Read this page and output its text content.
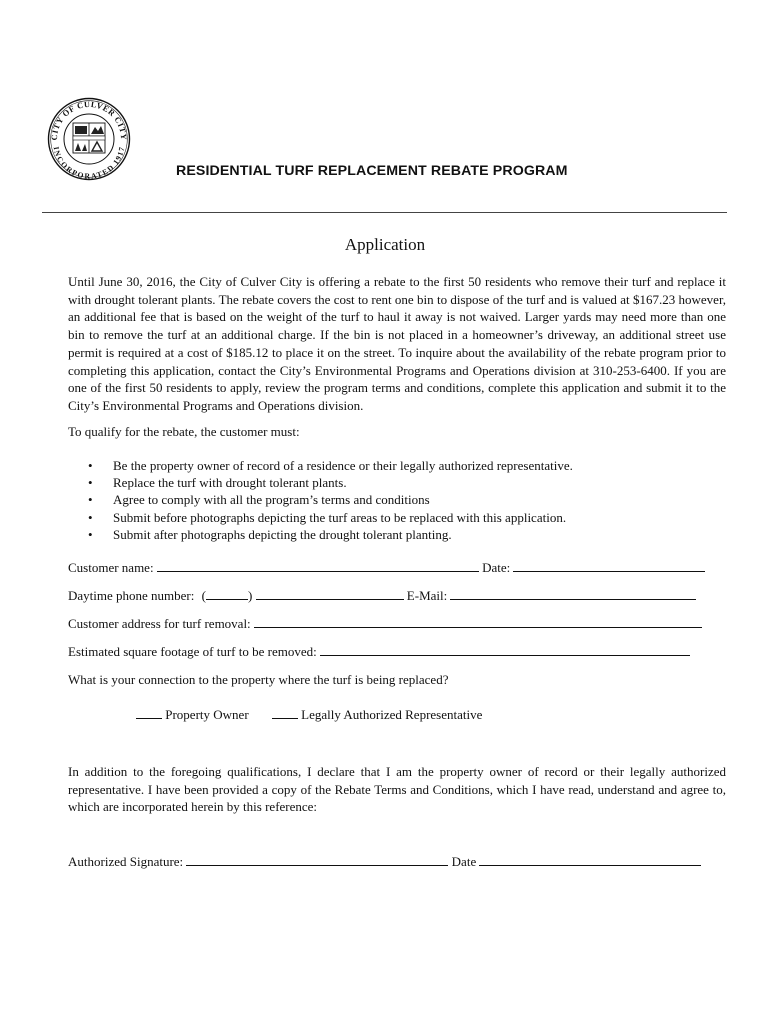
CITY OF CULVER CITY
INCORPORATED 1917
RESIDENTIAL TURF REPLACEMENT REBATE PROGRAM
Application

Until June 30, 2016, the City of Culver City is offering a rebate to the first 50 residents who remove their turf and replace it with drought tolerant plants. The rebate covers the cost to rent one bin to dispose of the turf and is valued at $167.23 however, an additional fee that is based on the weight of the turf to haul it away is not waived. Larger yards may need more than one bin to remove the turf at an additional charge. If the bin is not placed in a homeowner’s driveway, an additional street use permit is required at a cost of $185.12 to place it on the street. To inquire about the availability of the rebate program prior to completing this application, contact the City’s Environmental Programs and Operations division at 310-253-6400. If you are one of the first 50 residents to apply, review the program terms and conditions, complete this application and submit it to the City’s Environmental Programs and Operations division.

To qualify for the rebate, the customer must:
• Be the property owner of record of a residence or their legally authorized representative.
• Replace the turf with drought tolerant plants.
• Agree to comply with all the program’s terms and conditions
• Submit before photographs depicting the turf areas to be replaced with this application.
• Submit after photographs depicting the drought tolerant planting.
Customer name:	Date:
Daytime phone number: (	)	E-Mail:
Customer address for turf removal:
Estimated square footage of turf to be removed:
What is your connection to the property where the turf is being replaced?
Property Owner	Legally Authorized Representative

In addition to the foregoing qualifications, I declare that I am the property owner of record or their legally authorized representative. I have been provided a copy of the Rebate Terms and Conditions, which I have read, understand and agree to, which are incorporated herein by this reference:

Authorized Signature:	Date
